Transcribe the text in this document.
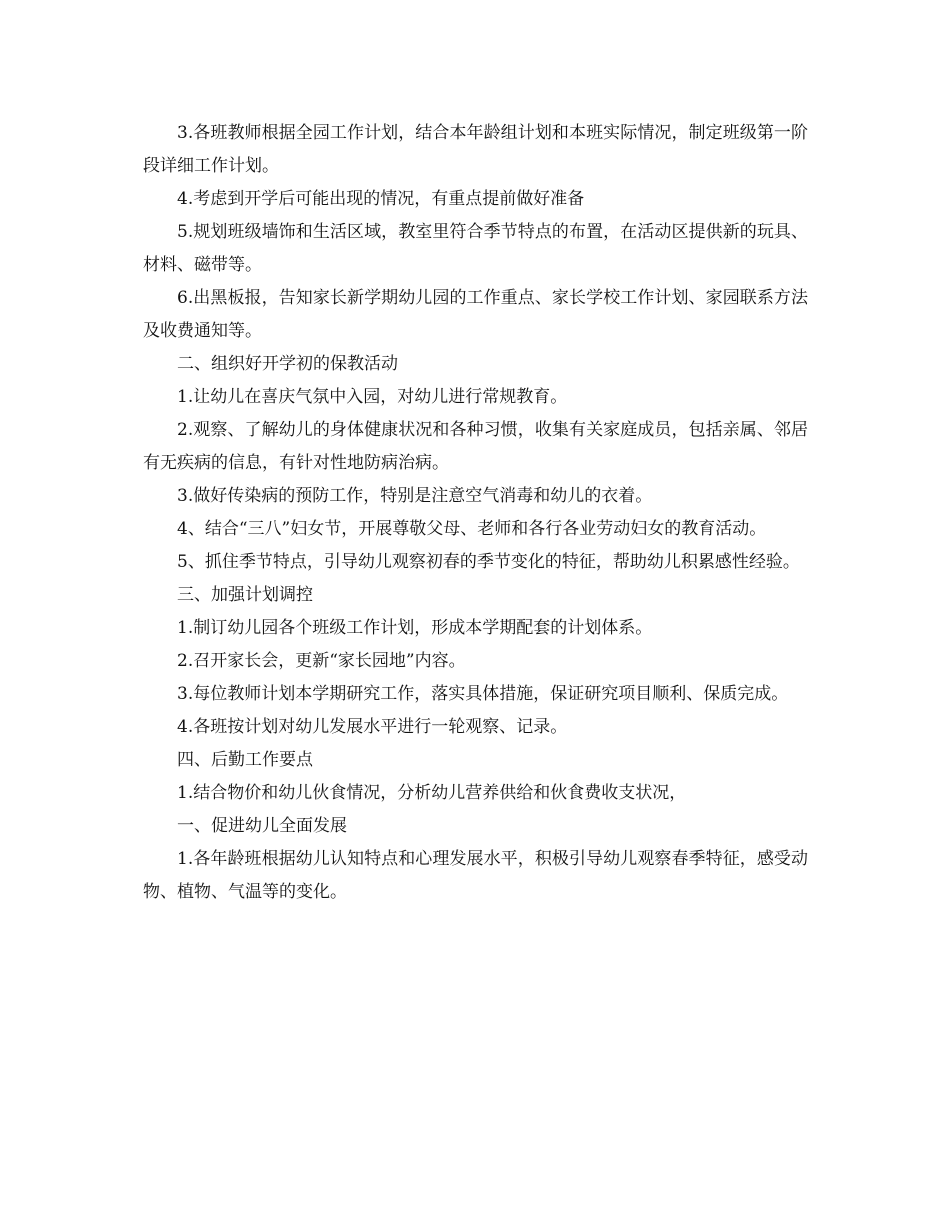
3.各班教师根据全园工作计划，结合本年龄组计划和本班实际情况，制定班级第一阶段详细工作计划。

4.考虑到开学后可能出现的情况，有重点提前做好准备

5.规划班级墙饰和生活区域，教室里符合季节特点的布置，在活动区提供新的玩具、材料、磁带等。

6.出黑板报，告知家长新学期幼儿园的工作重点、家长学校工作计划、家园联系方法及收费通知等。

二、组织好开学初的保教活动

1.让幼儿在喜庆气氛中入园，对幼儿进行常规教育。

2.观察、了解幼儿的身体健康状况和各种习惯，收集有关家庭成员，包括亲属、邻居有无疾病的信息，有针对性地防病治病。

3.做好传染病的预防工作，特别是注意空气消毒和幼儿的衣着。

4、结合“三八”妇女节，开展尊敬父母、老师和各行各业劳动妇女的教育活动。

5、抓住季节特点，引导幼儿观察初春的季节变化的特征，帮助幼儿积累感性经验。

三、加强计划调控

1.制订幼儿园各个班级工作计划，形成本学期配套的计划体系。

2.召开家长会，更新“家长园地”内容。

3.每位教师计划本学期研究工作，落实具体措施，保证研究项目顺利、保质完成。

4.各班按计划对幼儿发展水平进行一轮观察、记录。

四、后勤工作要点

1.结合物价和幼儿伙食情况，分析幼儿营养供给和伙食费收支状况，

一、促进幼儿全面发展

1.各年龄班根据幼儿认知特点和心理发展水平，积极引导幼儿观察春季特征，感受动物、植物、气温等的变化。
